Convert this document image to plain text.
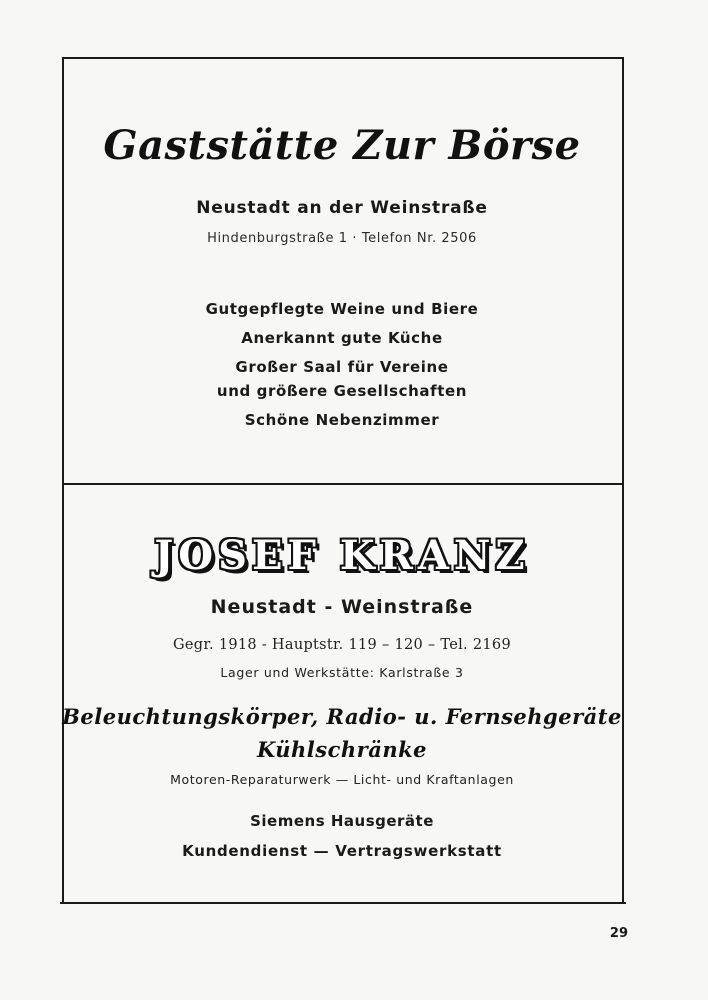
Gaststätte Zur Börse
Neustadt an der Weinstraße
Hindenburgstraße 1 · Telefon Nr. 2506
Gutgepflegte Weine und Biere
Anerkannt gute Küche
Großer Saal für Vereine
und größere Gesellschaften
Schöne Nebenzimmer
JOSEF KRANZ
Neustadt - Weinstraße
Gegr. 1918 - Hauptstr. 119 – 120 – Tel. 2169
Lager und Werkstätte: Karlstraße 3
Beleuchtungskörper, Radio- u. Fernsehgeräte
Kühlschränke
Motoren-Reparaturwerk — Licht- und Kraftanlagen
Siemens Hausgeräte
Kundendienst — Vertragswerkstatt
29
